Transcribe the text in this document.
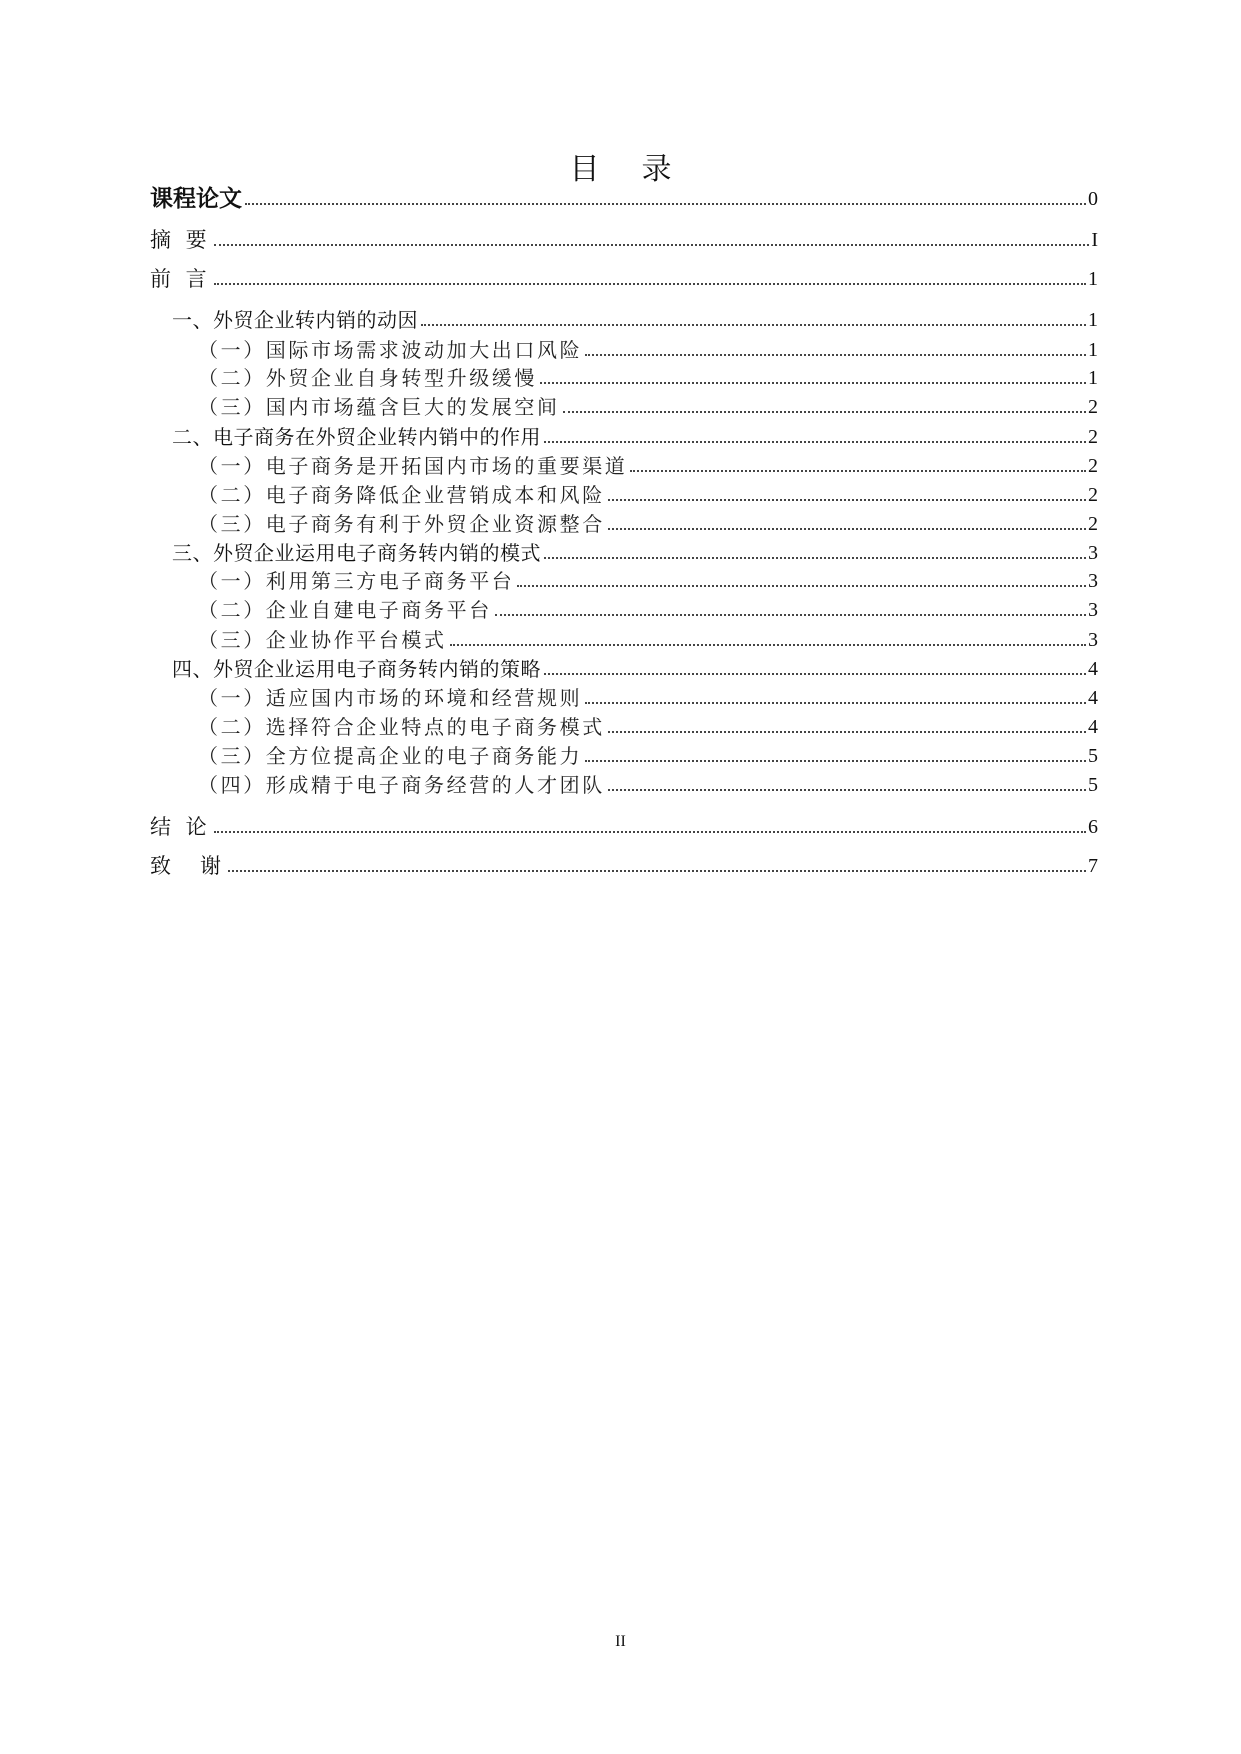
目录
课程论文	0
摘 要	I
前 言	1
一、外贸企业转内销的动因	1
（一）国际市场需求波动加大出口风险	1
（二）外贸企业自身转型升级缓慢	1
（三）国内市场蕴含巨大的发展空间	2
二、电子商务在外贸企业转内销中的作用	2
（一）电子商务是开拓国内市场的重要渠道	2
（二）电子商务降低企业营销成本和风险	2
（三）电子商务有利于外贸企业资源整合	2
三、外贸企业运用电子商务转内销的模式	3
（一）利用第三方电子商务平台	3
（二）企业自建电子商务平台	3
（三）企业协作平台模式	3
四、外贸企业运用电子商务转内销的策略	4
（一）适应国内市场的环境和经营规则	4
（二）选择符合企业特点的电子商务模式	4
（三）全方位提高企业的电子商务能力	5
（四）形成精于电子商务经营的人才团队	5
结 论	6
致　谢	7
II
